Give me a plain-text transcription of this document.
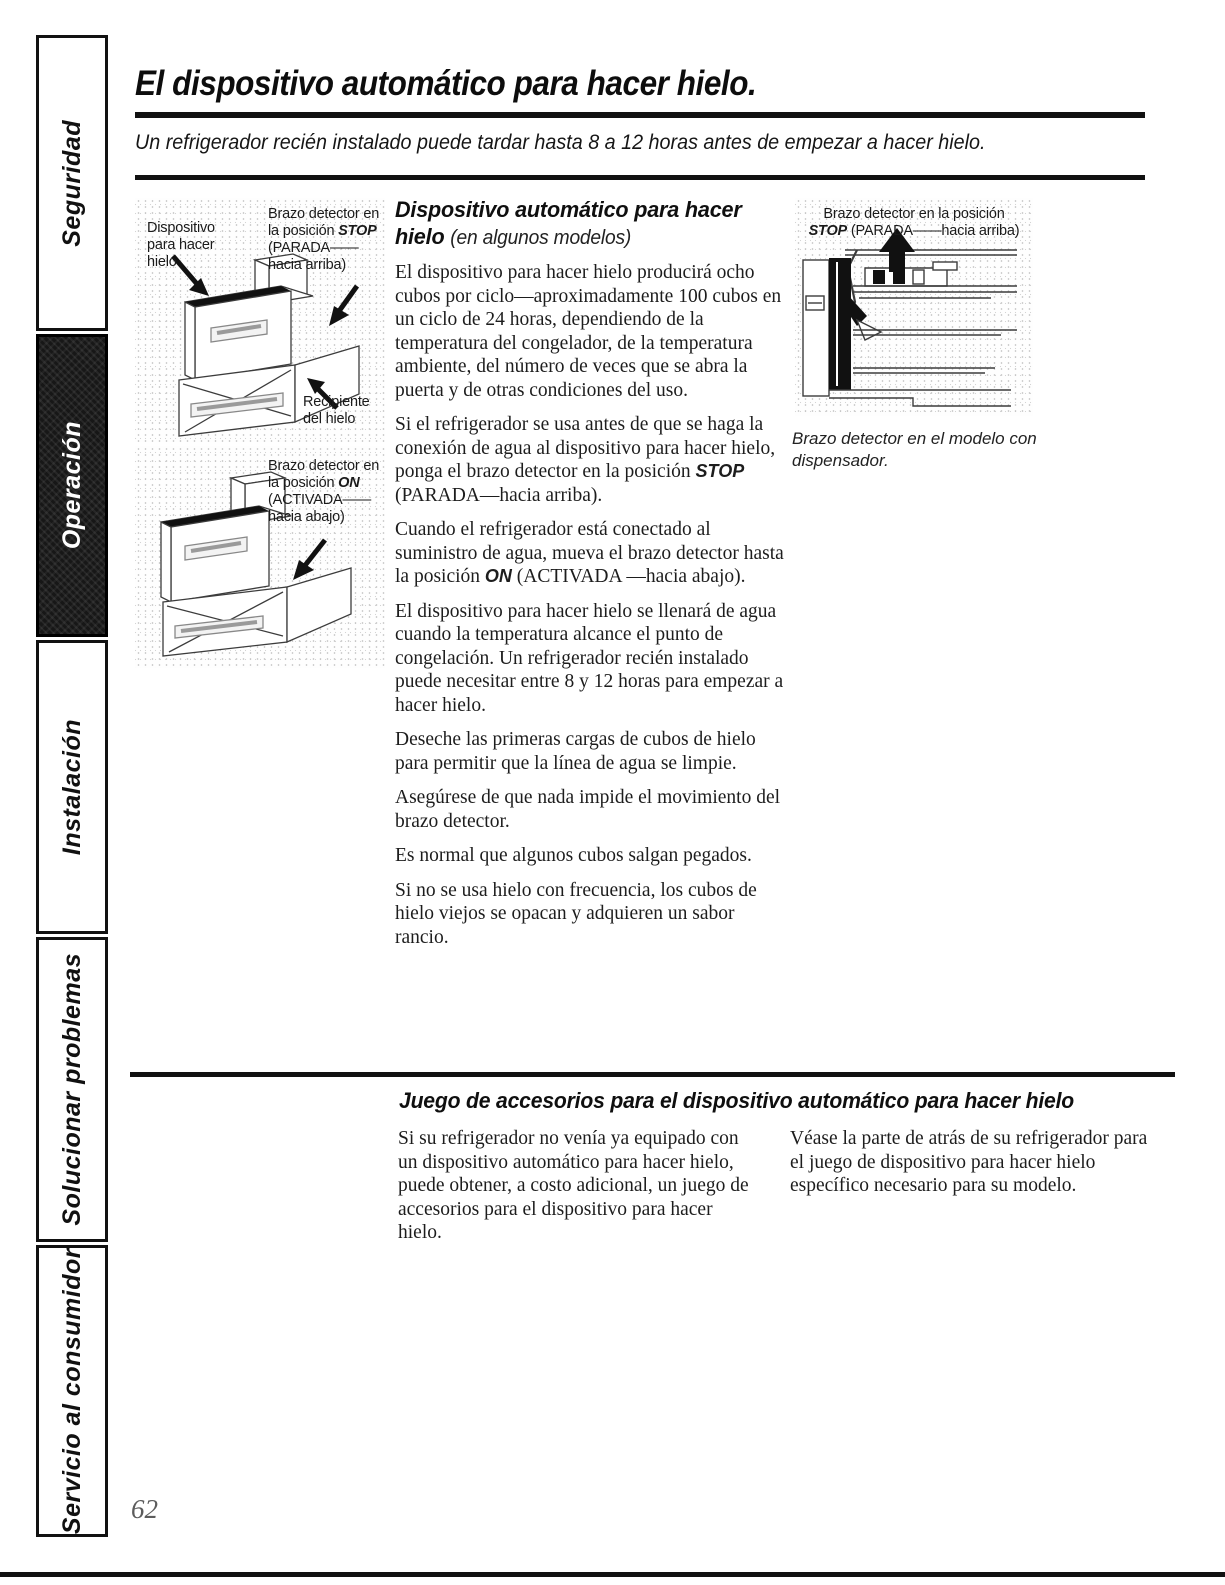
Seguridad
Operación
Instalación
Solucionar problemas
Servicio al consumidor
El dispositivo automático para hacer hielo.
Un refrigerador recién instalado puede tardar hasta 8 a 12 horas antes de empezar a hacer hielo.
Dispositivo para hacer hielo
Brazo detector en la posición STOP (PARADA—— hacia arriba)
Recipiente del hielo
Brazo detector en la posición ON (ACTIVADA—— hacia abajo)
Dispositivo automático para hacer hielo (en algunos modelos)

El dispositivo para hacer hielo producirá ocho cubos por ciclo—aproximadamente 100 cubos en un ciclo de 24 horas, dependiendo de la temperatura del congelador, de la temperatura ambiente, del número de veces que se abra la puerta y de otras condiciones del uso.

Si el refrigerador se usa antes de que se haga la conexión de agua al dispositivo para hacer hielo, ponga el brazo detector en la posición STOP (PARADA—hacia arriba).

Cuando el refrigerador está conectado al suministro de agua, mueva el brazo detector hasta la posición ON (ACTIVADA —hacia abajo).

El dispositivo para hacer hielo se llenará de agua cuando la temperatura alcance el punto de congelación. Un refrigerador recién instalado puede necesitar entre 8 y 12 horas para empezar a hacer hielo.

Deseche las primeras cargas de cubos de hielo para permitir que la línea de agua se limpie.

Asegúrese de que nada impide el movimiento del brazo detector.

Es normal que algunos cubos salgan pegados.

Si no se usa hielo con frecuencia, los cubos de hielo viejos se opacan y adquieren un sabor rancio.

Brazo detector en la posición STOP (PARADA——hacia arriba)
Brazo detector en el modelo con dispensador.
Juego de accesorios para el dispositivo automático para hacer hielo
Si su refrigerador no venía ya equipado con un dispositivo automático para hacer hielo, puede obtener, a costo adicional, un juego de accesorios para el dispositivo para hacer hielo.
Véase la parte de atrás de su refrigerador para el juego de dispositivo para hacer hielo específico necesario para su modelo.
62
